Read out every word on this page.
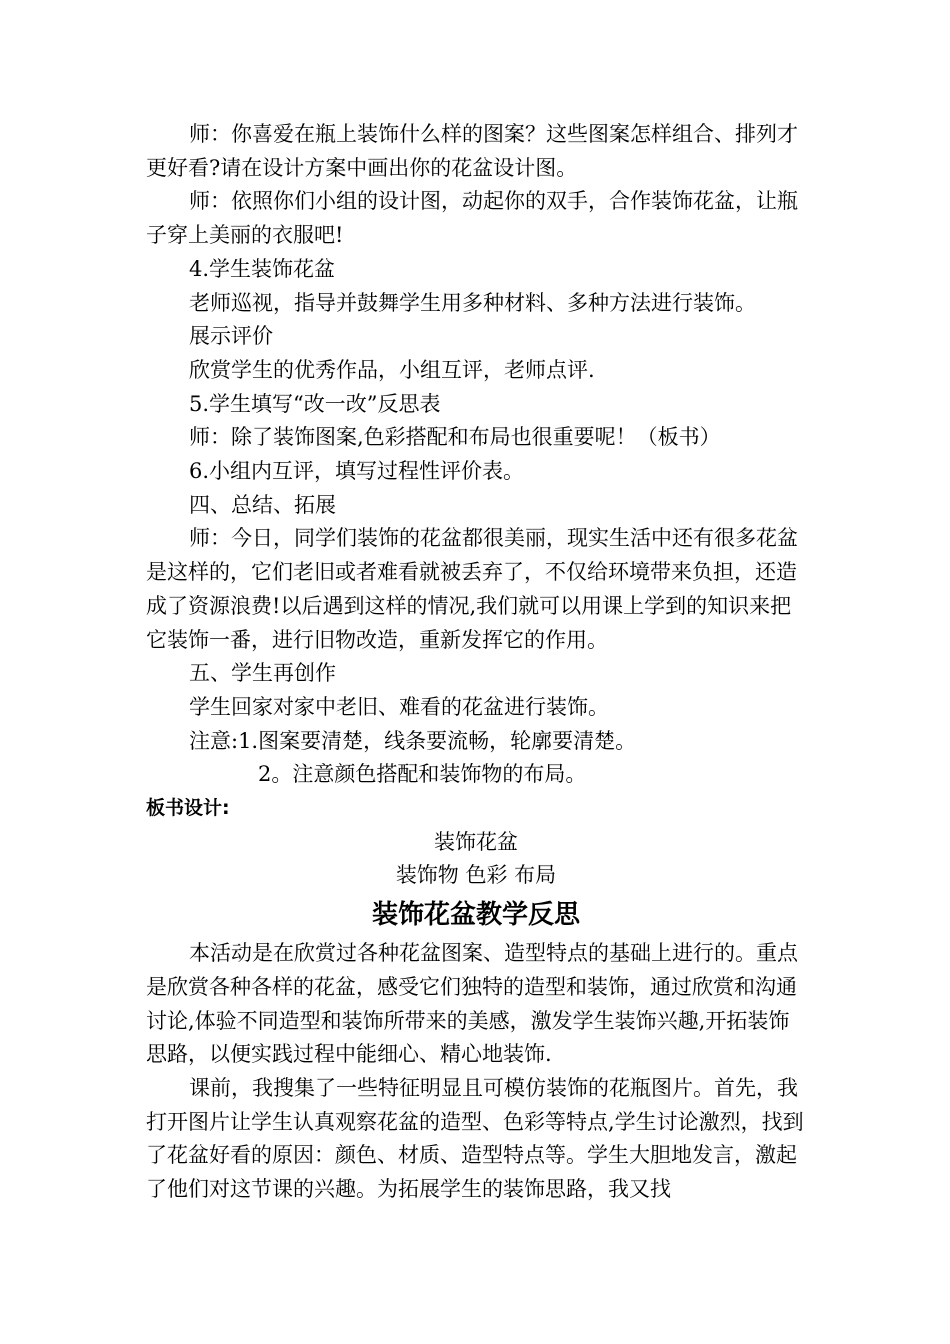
师：你喜爱在瓶上装饰什么样的图案？这些图案怎样组合、排列才更好看?请在设计方案中画出你的花盆设计图。

师：依照你们小组的设计图，动起你的双手，合作装饰花盆，让瓶子穿上美丽的衣服吧!

4.学生装饰花盆

老师巡视，指导并鼓舞学生用多种材料、多种方法进行装饰。

展示评价

欣赏学生的优秀作品，小组互评，老师点评.

5.学生填写“改一改”反思表

师：除了装饰图案,色彩搭配和布局也很重要呢！（板书）

6.小组内互评，填写过程性评价表。

四、总结、拓展

师：今日，同学们装饰的花盆都很美丽，现实生活中还有很多花盆是这样的，它们老旧或者难看就被丢弃了，不仅给环境带来负担，还造成了资源浪费!以后遇到这样的情况,我们就可以用课上学到的知识来把它装饰一番，进行旧物改造，重新发挥它的作用。

五、学生再创作

学生回家对家中老旧、难看的花盆进行装饰。

注意:1.图案要清楚，线条要流畅，轮廓要清楚。

2。注意颜色搭配和装饰物的布局。

板书设计:

装饰花盆

装饰物 色彩 布局

装饰花盆教学反思

本活动是在欣赏过各种花盆图案、造型特点的基础上进行的。重点是欣赏各种各样的花盆，感受它们独特的造型和装饰，通过欣赏和沟通讨论,体验不同造型和装饰所带来的美感，激发学生装饰兴趣,开拓装饰思路，以便实践过程中能细心、精心地装饰.

课前，我搜集了一些特征明显且可模仿装饰的花瓶图片。首先，我打开图片让学生认真观察花盆的造型、色彩等特点,学生讨论激烈，找到了花盆好看的原因：颜色、材质、造型特点等。学生大胆地发言，激起了他们对这节课的兴趣。为拓展学生的装饰思路，我又找
